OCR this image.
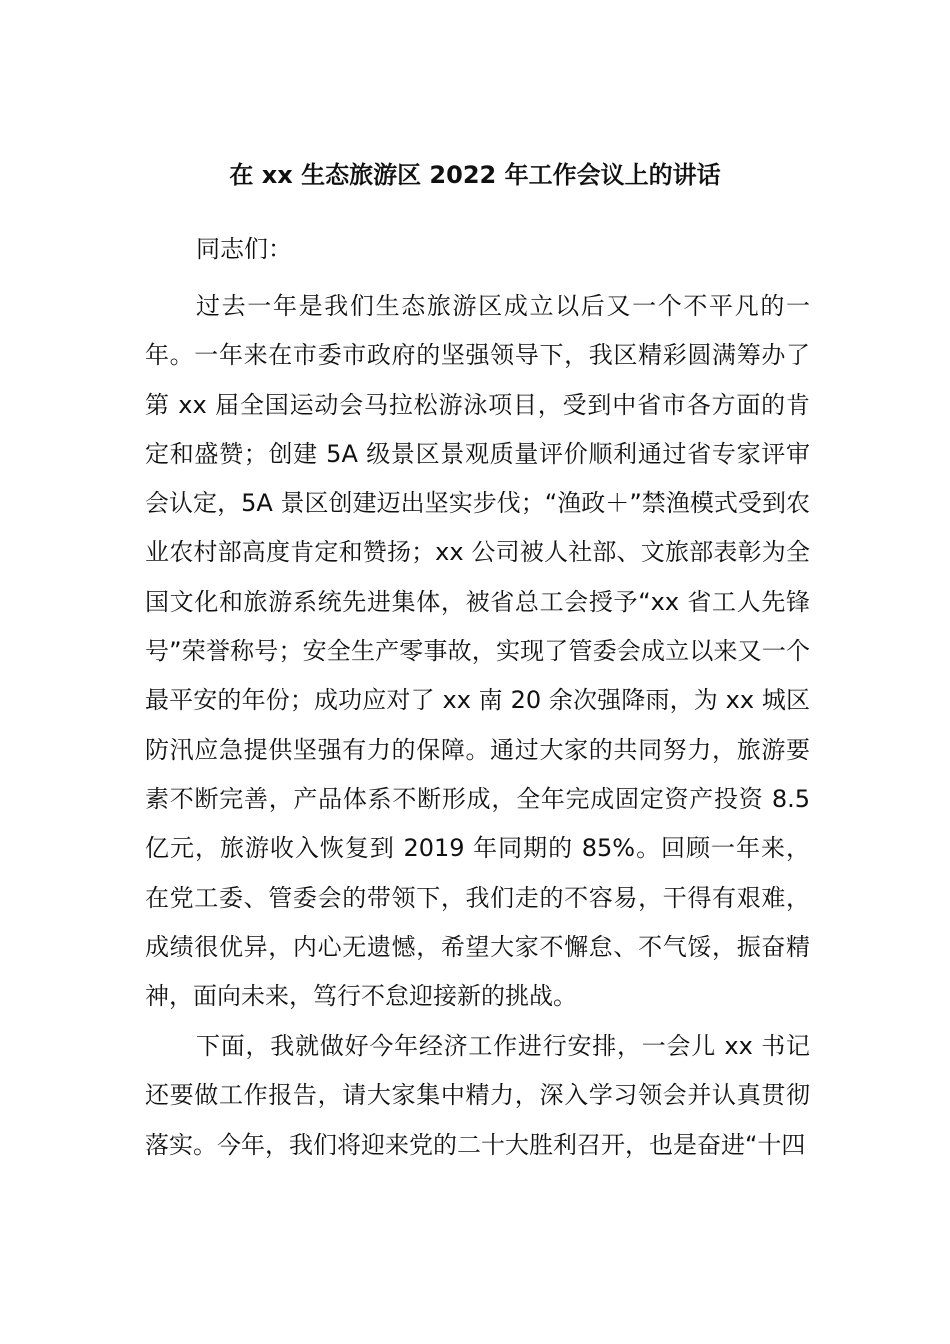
在 xx 生态旅游区 2022 年工作会议上的讲话

同志们：

过去一年是我们生态旅游区成立以后又一个不平凡的一年。一年来在市委市政府的坚强领导下，我区精彩圆满筹办了第 xx 届全国运动会马拉松游泳项目，受到中省市各方面的肯定和盛赞；创建 5A 级景区景观质量评价顺利通过省专家评审会认定，5A 景区创建迈出坚实步伐；“渔政＋”禁渔模式受到农业农村部高度肯定和赞扬；xx 公司被人社部、文旅部表彰为全国文化和旅游系统先进集体，被省总工会授予“xx 省工人先锋号”荣誉称号；安全生产零事故，实现了管委会成立以来又一个最平安的年份；成功应对了 xx 南 20 余次强降雨，为 xx 城区防汛应急提供坚强有力的保障。通过大家的共同努力，旅游要素不断完善，产品体系不断形成，全年完成固定资产投资 8.5 亿元，旅游收入恢复到 2019 年同期的 85%。回顾一年来，在党工委、管委会的带领下，我们走的不容易，干得有艰难，成绩很优异，内心无遗憾，希望大家不懈怠、不气馁，振奋精神，面向未来，笃行不怠迎接新的挑战。

下面，我就做好今年经济工作进行安排，一会儿 xx 书记还要做工作报告，请大家集中精力，深入学习领会并认真贯彻落实。今年，我们将迎来党的二十大胜利召开，也是奋进“十四
